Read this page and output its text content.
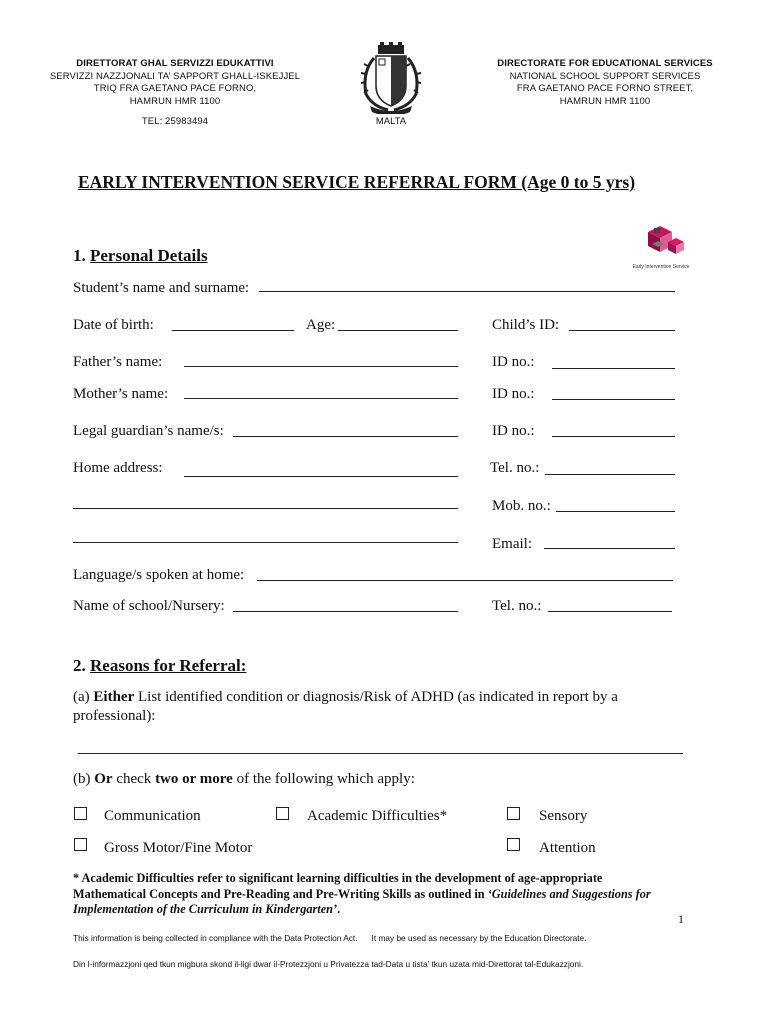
DIRETTORAT GHAL SERVIZZI EDUKATTIVI
SERVIZZI NAZZJONALI TA’ SAPPORT GHALL-ISKEJJEL
TRIQ FRA GAETANO PACE FORNO,
HAMRUN HMR 1100
TEL: 25983494	MALTA
DIRECTORATE FOR EDUCATIONAL SERVICES
NATIONAL SCHOOL SUPPORT SERVICES
FRA GAETANO PACE FORNO STREET,
HAMRUN HMR 1100
EARLY INTERVENTION SERVICE REFERRAL FORM (Age 0 to 5 yrs)
Early Intervention Service
1. Personal Details
Student’s name and surname:
Date of birth:	Age:	Child’s ID:
Father’s name:	ID no.:
Mother’s name:	ID no.:
Legal guardian’s name/s:	ID no.:
Home address:	Tel. no.:
Mob. no.:
Email:
Language/s spoken at home:
Name of school/Nursery:	Tel. no.:
2. Reasons for Referral:
(a) Either List identified condition or diagnosis/Risk of ADHD (as indicated in report by a
professional):
(b) Or check two or more of the following which apply:
Communication	Academic Difficulties*	Sensory
Gross Motor/Fine Motor	Attention
* Academic Difficulties refer to significant learning difficulties in the development of age-appropriate
Mathematical Concepts and Pre-Reading and Pre-Writing Skills as outlined in ‘Guidelines and Suggestions for
Implementation of the Curriculum in Kindergarten’.
1
This information is being collected in compliance with the Data Protection Act. It may be used as necessary by the Education Directorate.
Din l-informazzjoni qed tkun migbura skond il-ligi dwar il-Protezzjoni u Privatezza tad-Data u tista’ tkun uzata mid-Direttorat tal-Edukazzjoni.
